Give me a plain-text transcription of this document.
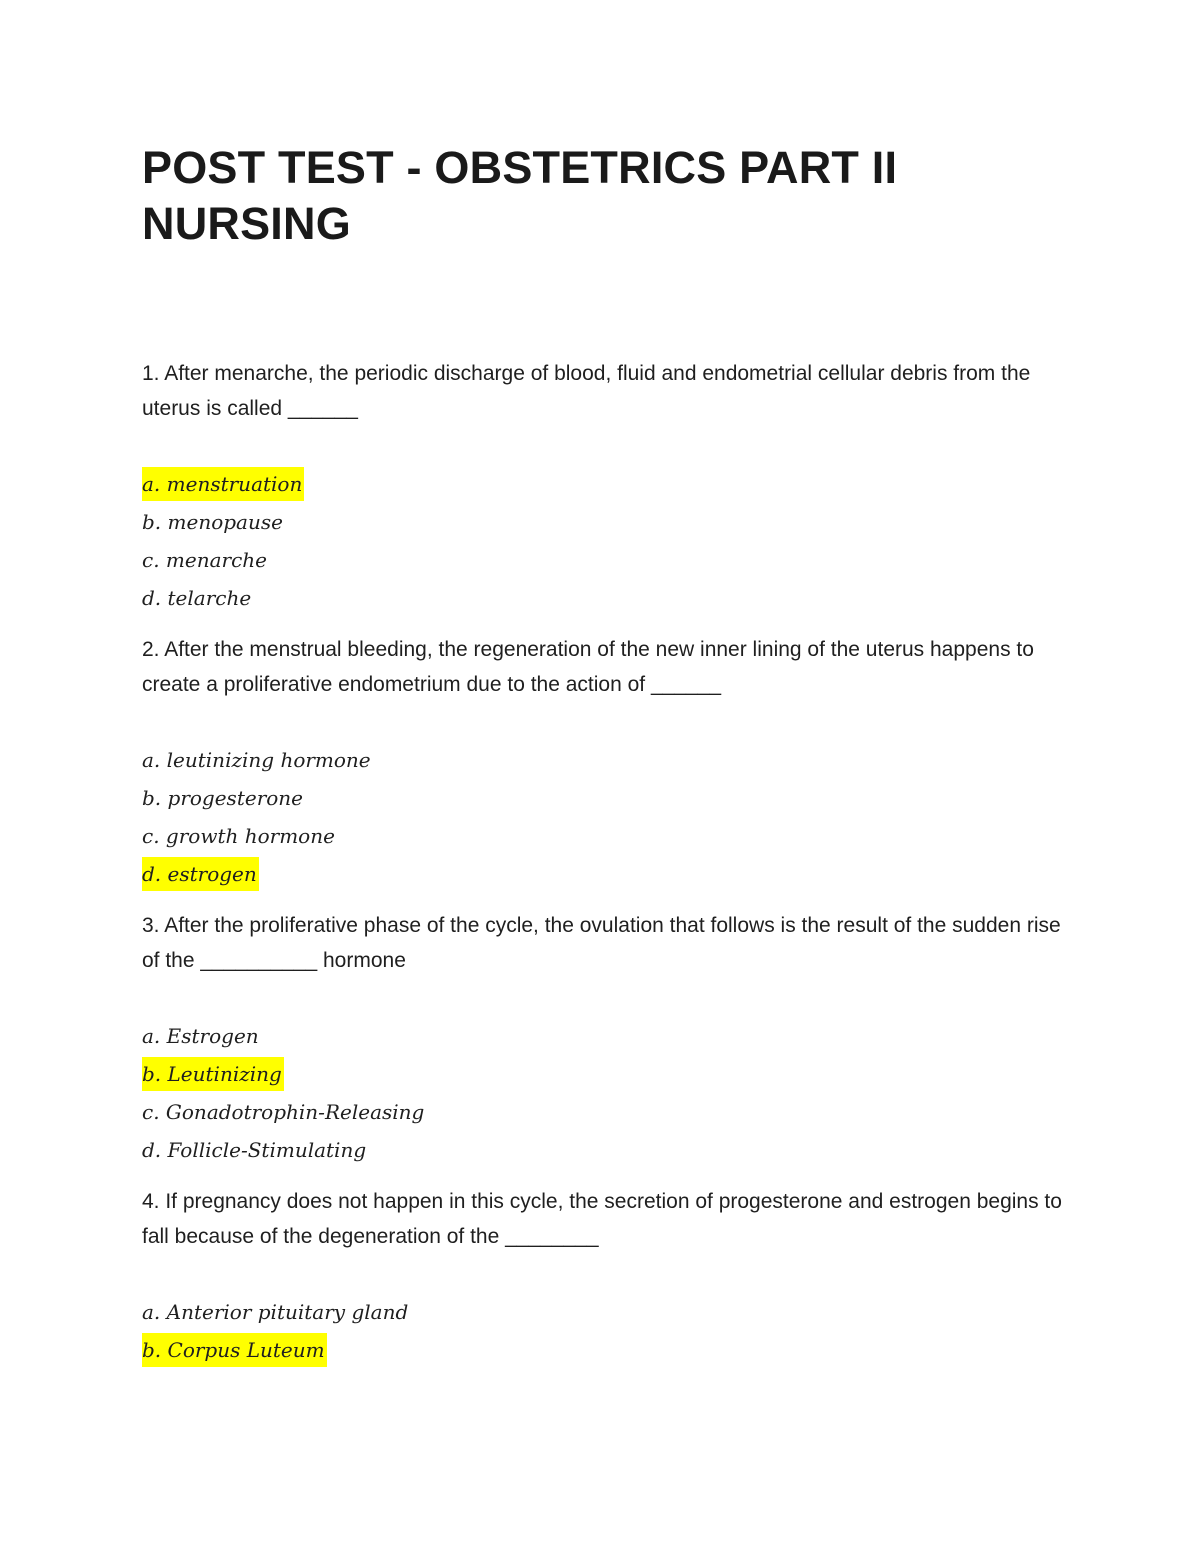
POST TEST - OBSTETRICS PART II
NURSING

1. After menarche, the periodic discharge of blood, fluid and endometrial cellular debris from the uterus is called ______

a. menstruation
b. menopause
c. menarche
d. telarche

2. After the menstrual bleeding, the regeneration of the new inner lining of the uterus happens to create a proliferative endometrium due to the action of ______

a. leutinizing hormone
b. progesterone
c. growth hormone
d. estrogen

3. After the proliferative phase of the cycle, the ovulation that follows is the result of the sudden rise of the __________ hormone

a. Estrogen
b. Leutinizing
c. Gonadotrophin-Releasing
d. Follicle-Stimulating

4. If pregnancy does not happen in this cycle, the secretion of progesterone and estrogen begins to fall because of the degeneration of the ________

a. Anterior pituitary gland
b. Corpus Luteum
